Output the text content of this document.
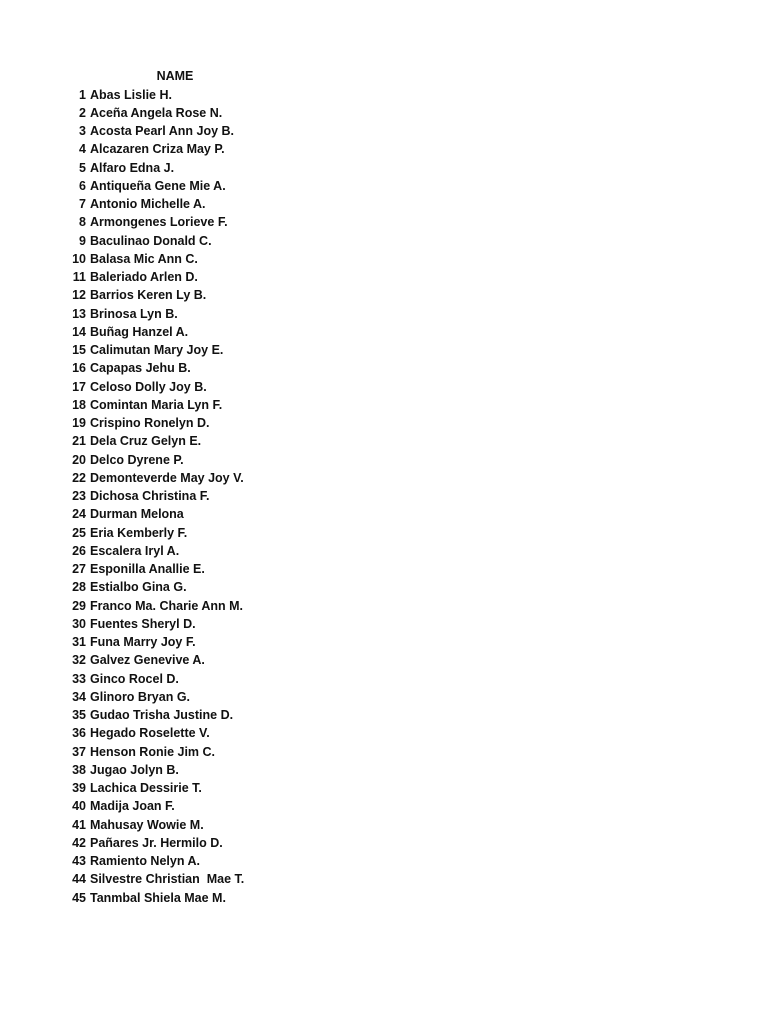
NAME
1 Abas Lislie H.
2 Aceña Angela Rose N.
3 Acosta Pearl Ann Joy B.
4 Alcazaren Criza May P.
5 Alfaro Edna J.
6 Antiqueña Gene Mie A.
7 Antonio Michelle A.
8 Armongenes Lorieve F.
9 Baculinao Donald C.
10 Balasa Mic Ann C.
11 Baleriado Arlen D.
12 Barrios Keren Ly B.
13 Brinosa Lyn B.
14 Buñag Hanzel A.
15 Calimutan Mary Joy E.
16 Capapas Jehu B.
17 Celoso Dolly Joy B.
18 Comintan Maria Lyn F.
19 Crispino Ronelyn D.
21 Dela Cruz Gelyn E.
20 Delco Dyrene P.
22 Demonteverde May Joy V.
23 Dichosa Christina F.
24 Durman Melona
25 Eria Kemberly F.
26 Escalera Iryl A.
27 Esponilla Anallie E.
28 Estialbo Gina G.
29 Franco Ma. Charie Ann M.
30 Fuentes Sheryl D.
31 Funa Marry Joy F.
32 Galvez Genevive A.
33 Ginco Rocel D.
34 Glinoro Bryan G.
35 Gudao Trisha Justine D.
36 Hegado Roselette V.
37 Henson Ronie Jim C.
38 Jugao Jolyn B.
39 Lachica Dessirie T.
40 Madija Joan F.
41 Mahusay Wowie M.
42 Pañares Jr. Hermilo D.
43 Ramiento Nelyn A.
44 Silvestre Christian  Mae T.
45 Tanmbal Shiela Mae M.
